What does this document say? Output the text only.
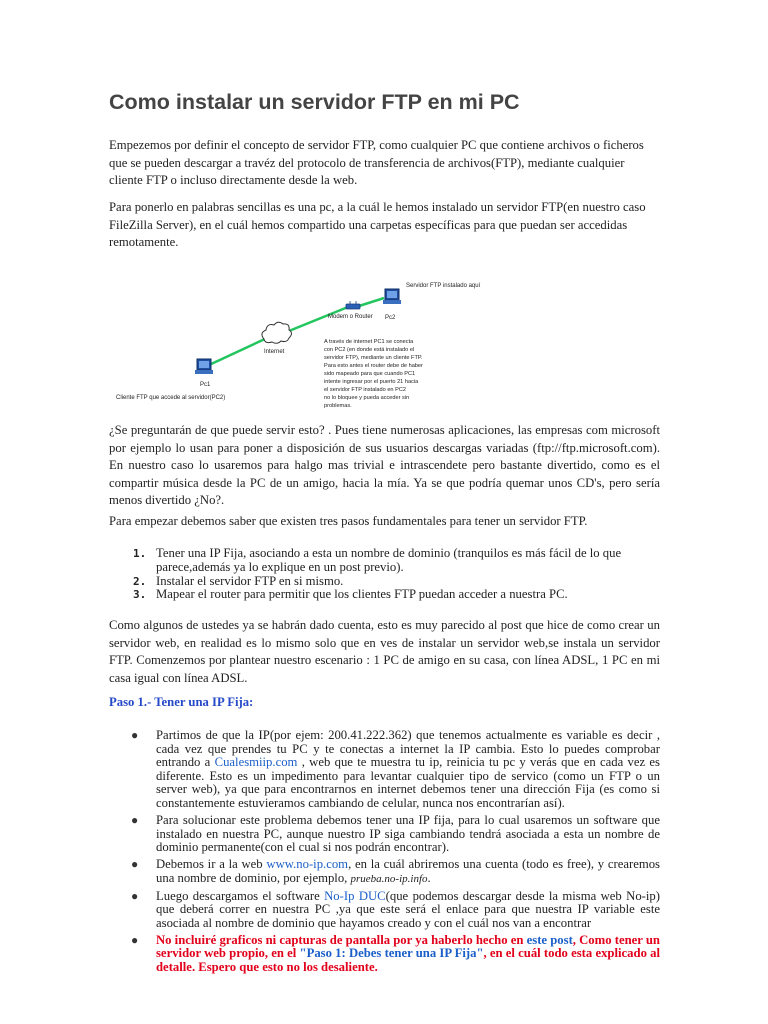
Como instalar un servidor FTP en mi PC

Empezemos por definir el concepto de servidor FTP, como cualquier PC que contiene archivos o ficheros que se pueden descargar a travéz del protocolo de transferencia de archivos(FTP), mediante cualquier cliente FTP o incluso directamente desde la web.

Para ponerlo en palabras sencillas es una pc, a la cuál le hemos instalado un servidor FTP(en nuestro caso FileZilla Server), en el cuál hemos compartido una carpetas específicas para que puedan ser accedidas remotamente.

Pc2
Servidor FTP instalado aquí
Modem o Router
Internet
Pc1
Cliente FTP que accede al servidor(PC2)
A través de internet PC1 se conecta
con PC2 (en donde está instalado el
servidor FTP), mediante un cliente FTP.
Para esto antes el router debe de haber
sido mapeado para que cuando PC1
intente ingresar por el puerto 21 hacia
el servidor FTP instalado en PC2
no lo bloquee y pueda acceder sin
problemas.

¿Se preguntarán de que puede servir esto? . Pues tiene numerosas aplicaciones, las empresas com microsoft por ejemplo lo usan para poner a disposición de sus usuarios descargas variadas (ftp://ftp.microsoft.com). En nuestro caso lo usaremos para halgo mas trivial e intrascendete pero bastante divertido, como es el compartir música desde la PC de un amigo, hacia la mía. Ya se que podría quemar unos CD's, pero sería menos divertido ¿No?.

Para empezar debemos saber que existen tres pasos fundamentales para tener un servidor FTP.

1. Tener una IP Fija, asociando a esta un nombre de dominio (tranquilos es más fácil de lo que parece,además ya lo explique en un post previo).
2. Instalar el servidor FTP en si mismo.
3. Mapear el router para permitir que los clientes FTP puedan acceder a nuestra PC.

Como algunos de ustedes ya se habrán dado cuenta, esto es muy parecido al post que hice de como crear un servidor web, en realidad es lo mismo solo que en ves de instalar un servidor web,se instala un servidor FTP. Comenzemos por plantear nuestro escenario : 1 PC de amigo en su casa, con línea ADSL, 1 PC en mi casa igual con línea ADSL.

Paso 1.- Tener una IP Fija:

● Partimos de que la IP(por ejem: 200.41.222.362) que tenemos actualmente es variable es decir , cada vez que prendes tu PC y te conectas a internet la IP cambia. Esto lo puedes comprobar entrando a Cualesmiip.com , web que te muestra tu ip, reinicia tu pc y verás que en cada vez es diferente. Esto es un impedimento para levantar cualquier tipo de servico (como un FTP o un server web), ya que para encontrarnos en internet debemos tener una dirección Fija (es como si constantemente estuvieramos cambiando de celular, nunca nos encontrarían así).
● Para solucionar este problema debemos tener una IP fija, para lo cual usaremos un software que instalado en nuestra PC, aunque nuestro IP siga cambiando tendrá asociada a esta un nombre de dominio permanente(con el cual si nos podrán encontrar).
● Debemos ir a la web www.no-ip.com, en la cuál abriremos una cuenta (todo es free), y crearemos una nombre de dominio, por ejemplo, prueba.no-ip.info.
● Luego descargamos el software No-Ip DUC(que podemos descargar desde la misma web No-ip) que deberá correr en nuestra PC ,ya que este será el enlace para que nuestra IP variable este asociada al nombre de dominio que hayamos creado y con el cuál nos van a encontrar
● No incluiré graficos ni capturas de pantalla por ya haberlo hecho en este post, Como tener un servidor web propio, en el "Paso 1: Debes tener una IP Fija", en el cuál todo esta explicado al detalle. Espero que esto no los desaliente.
